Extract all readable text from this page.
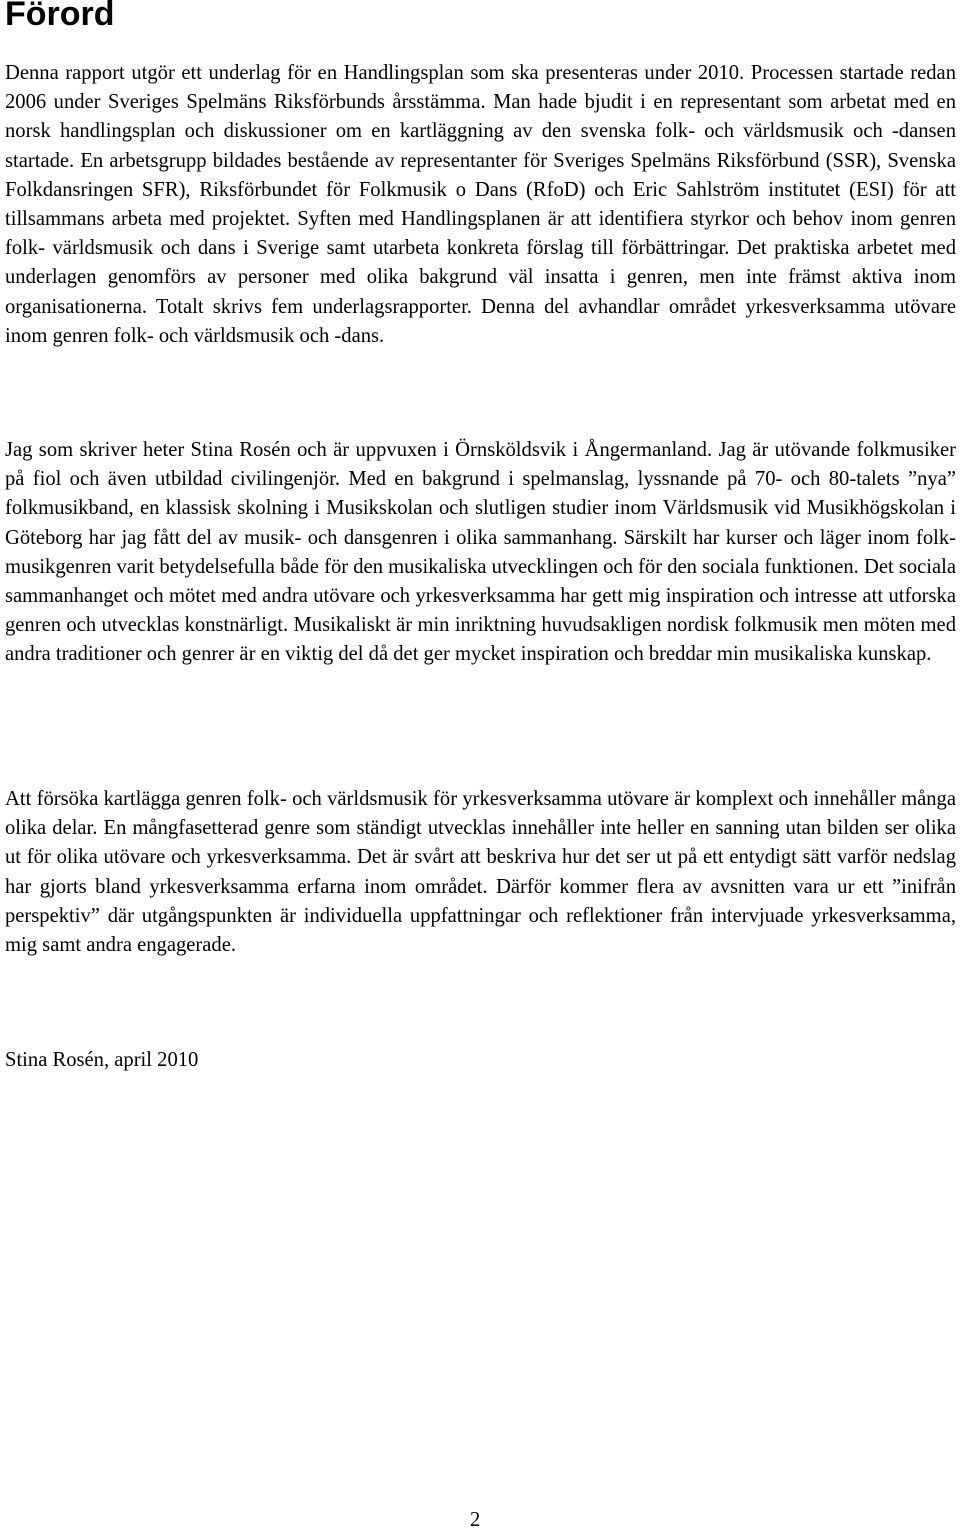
Förord

Denna rapport utgör ett underlag för en Handlingsplan som ska presenteras under 2010. Processen startade redan 2006 under Sveriges Spelmäns Riksförbunds årsstämma. Man hade bjudit i en representant som arbetat med en norsk handlingsplan och diskussioner om en kartläggning av den svenska folk- och världsmusik och -dansen startade. En arbetsgrupp bildades bestående av representanter för Sveriges Spelmäns Riksförbund (SSR), Svenska Folkdansringen SFR), Riksförbundet för Folkmusik o Dans (RfoD) och Eric Sahlström institutet (ESI) för att tillsammans arbeta med projektet. Syften med Handlingsplanen är att identifiera styrkor och behov inom genren folk- världsmusik och dans i Sverige samt utarbeta konkreta förslag till förbättringar. Det praktiska arbetet med underlagen genomförs av personer med olika bakgrund väl insatta i genren, men inte främst aktiva inom organisationerna. Totalt skrivs fem underlagsrapporter. Denna del avhandlar området yrkesverksamma utövare inom genren folk- och världsmusik och -dans.

Jag som skriver heter Stina Rosén och är uppvuxen i Örnsköldsvik i Ångermanland. Jag är utövande folkmusiker på fiol och även utbildad civilingenjör. Med en bakgrund i spelmanslag, lyssnande på 70- och 80-talets ”nya” folkmusikband, en klassisk skolning i Musikskolan och slutligen studier inom Världsmusik vid Musikhögskolan i Göteborg har jag fått del av musik- och dansgenren i olika sammanhang. Särskilt har kurser och läger inom folk- musikgenren varit betydelsefulla både för den musikaliska utvecklingen och för den sociala funktionen. Det sociala sammanhanget och mötet med andra utövare och yrkesverksamma har gett mig inspiration och intresse att utforska genren och utvecklas konstnärligt. Musikaliskt är min inriktning huvudsakligen nordisk folkmusik men möten med andra traditioner och genrer är en viktig del då det ger mycket inspiration och breddar min musikaliska kunskap.

Att försöka kartlägga genren folk- och världsmusik för yrkesverksamma utövare är komplext och innehåller många olika delar. En mångfasetterad genre som ständigt utvecklas innehåller inte heller en sanning utan bilden ser olika ut för olika utövare och yrkesverksamma. Det är svårt att beskriva hur det ser ut på ett entydigt sätt varför nedslag har gjorts bland yrkesverksamma erfarna inom området. Därför kommer flera av avsnitten vara ur ett ”inifrån perspektiv” där utgångspunkten är individuella uppfattningar och reflektioner från intervjuade yrkesverksamma, mig samt andra engagerade.

Stina Rosén, april 2010

2
